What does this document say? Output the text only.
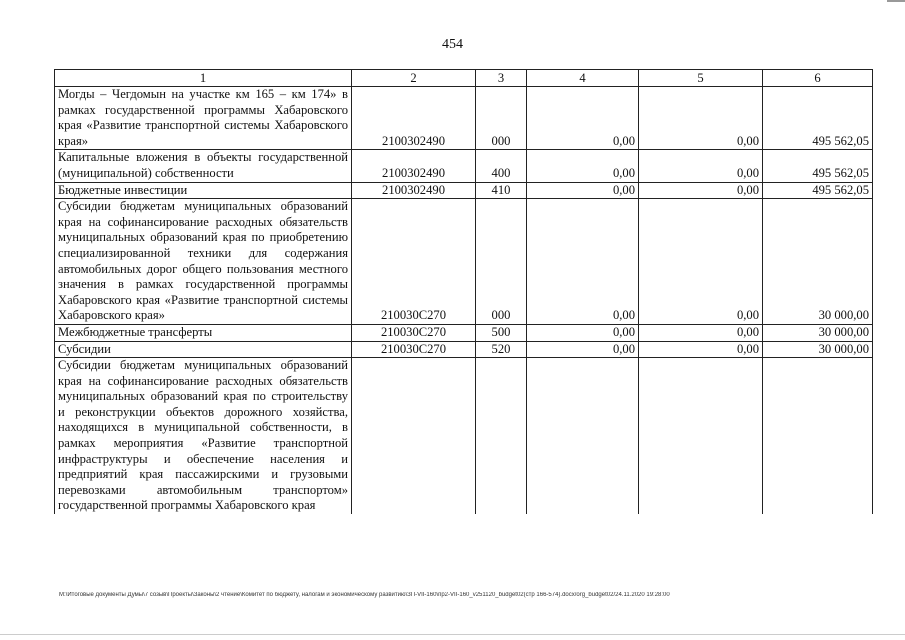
454
1	2	3	4	5	6
Могды – Чегдомын на участке км 165 – км 174» в рамках государственной программы Хабаровского края «Развитие транспортной системы Хабаровского края»	2100302490	000	0,00	0,00	495 562,05
Капитальные вложения в объекты государственной (муниципальной) собственности	2100302490	400	0,00	0,00	495 562,05
Бюджетные инвестиции	2100302490	410	0,00	0,00	495 562,05
Субсидии бюджетам муниципальных образований края на софинансирование расходных обязательств муниципальных образований края по приобретению специализированной техники для содержания автомобильных дорог общего пользования местного значения в рамках государственной программы Хабаровского края «Развитие транспортной системы Хабаровского края»	210030С270	000	0,00	0,00	30 000,00
Межбюджетные трансферты	210030С270	500	0,00	0,00	30 000,00
Субсидии	210030С270	520	0,00	0,00	30 000,00
Субсидии бюджетам муниципальных образований края на софинансирование расходных обязательств муниципальных образований края по строительству и реконструкции объектов дорожного хозяйства, находящихся в муниципальной собственности, в рамках мероприятия «Развитие транспортной инфраструктуры и обеспечение населения и предприятий края пассажирскими и грузовыми перевозками автомобильным транспортом» государственной программы Хабаровского края					
M:\Итоговые документы Думы\7 созыв\Проекты\Законы\2 чтение\Комитет по бюджету, налогам и экономическому развитию\ЗП-VII-160\пр2-VII-160_v251120_budget02(стр 166-574).docx/org_budget02/24.11.2020 19:28:00
